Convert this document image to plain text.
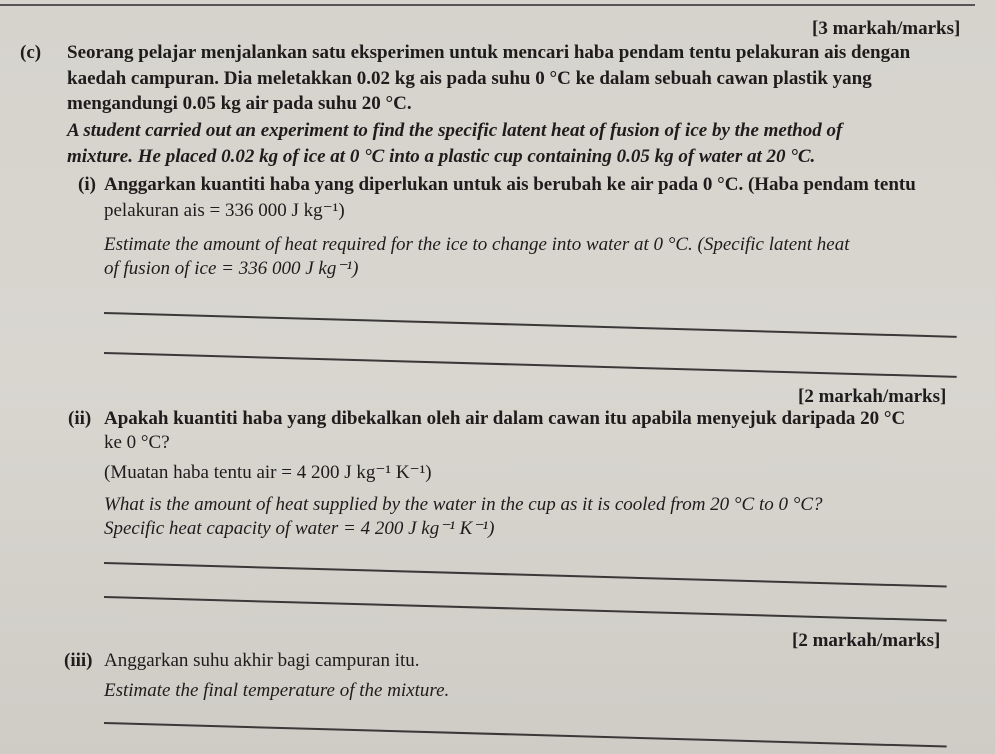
[3 markah/marks]
(c) Seorang pelajar menjalankan satu eksperimen untuk mencari haba pendam tentu pelakuran ais dengan
kaedah campuran. Dia meletakkan 0.02 kg ais pada suhu 0 °C ke dalam sebuah cawan plastik yang
mengandungi 0.05 kg air pada suhu 20 °C.
A student carried out an experiment to find the specific latent heat of fusion of ice by the method of
mixture. He placed 0.02 kg of ice at 0 °C into a plastic cup containing 0.05 kg of water at 20 °C.
(i) Anggarkan kuantiti haba yang diperlukan untuk ais berubah ke air pada 0 °C. (Haba pendam tentu
pelakuran ais = 336 000 J kg⁻¹)
Estimate the amount of heat required for the ice to change into water at 0 °C. (Specific latent heat
of fusion of ice = 336 000 J kg⁻¹)
[2 markah/marks]
(ii) Apakah kuantiti haba yang dibekalkan oleh air dalam cawan itu apabila menyejuk daripada 20 °C
ke 0 °C?
(Muatan haba tentu air = 4 200 J kg⁻¹ K⁻¹)
What is the amount of heat supplied by the water in the cup as it is cooled from 20 °C to 0 °C?
Specific heat capacity of water = 4 200 J kg⁻¹ K⁻¹)
[2 markah/marks]
(iii) Anggarkan suhu akhir bagi campuran itu.
Estimate the final temperature of the mixture.
